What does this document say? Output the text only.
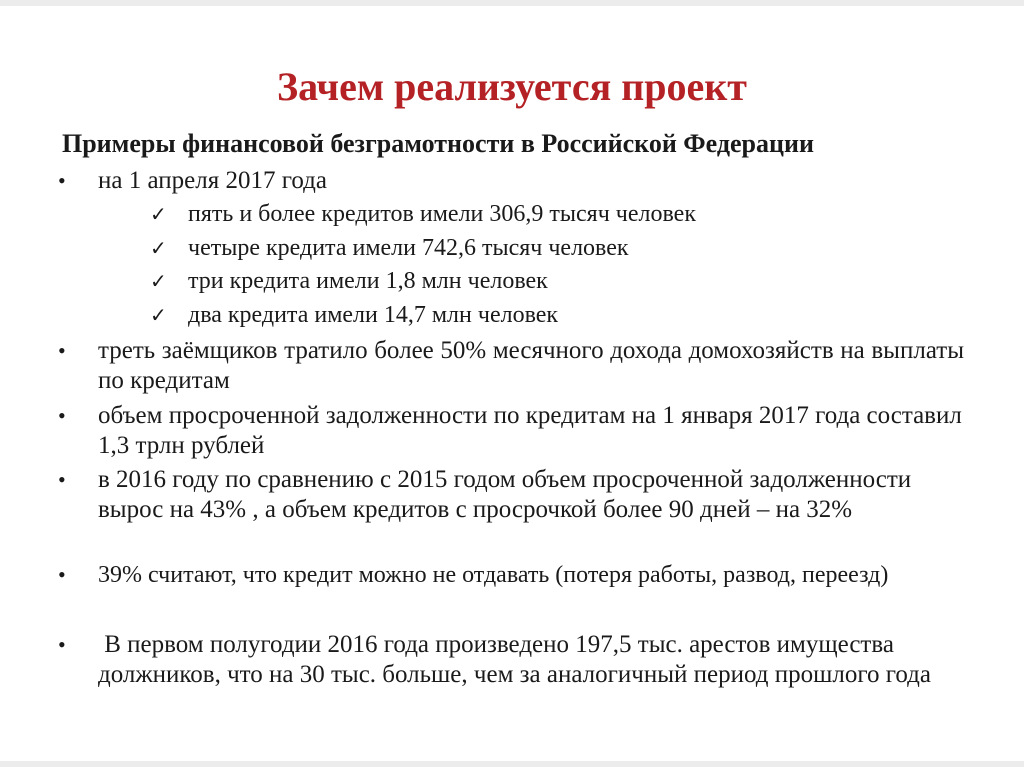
Зачем реализуется проект
Примеры финансовой безграмотности в Российской Федерации
• на 1 апреля 2017 года
✓ пять и более кредитов имели 306,9 тысяч человек
✓ четыре кредита имели 742,6 тысяч человек
✓ три кредита имели 1,8 млн человек
✓ два кредита имели 14,7 млн человек
• треть заёмщиков тратило более 50% месячного дохода домохозяйств на выплаты по кредитам
• объем просроченной задолженности по кредитам на 1 января 2017 года составил 1,3 трлн рублей
• в 2016 году по сравнению с 2015 годом объем просроченной задолженности вырос на 43% , а объем кредитов с просрочкой более 90 дней – на 32%
• 39% считают, что кредит можно не отдавать (потеря работы, развод, переезд)
• В первом полугодии 2016 года произведено 197,5 тыс. арестов имущества должников, что на 30 тыс. больше, чем за аналогичный период прошлого года
